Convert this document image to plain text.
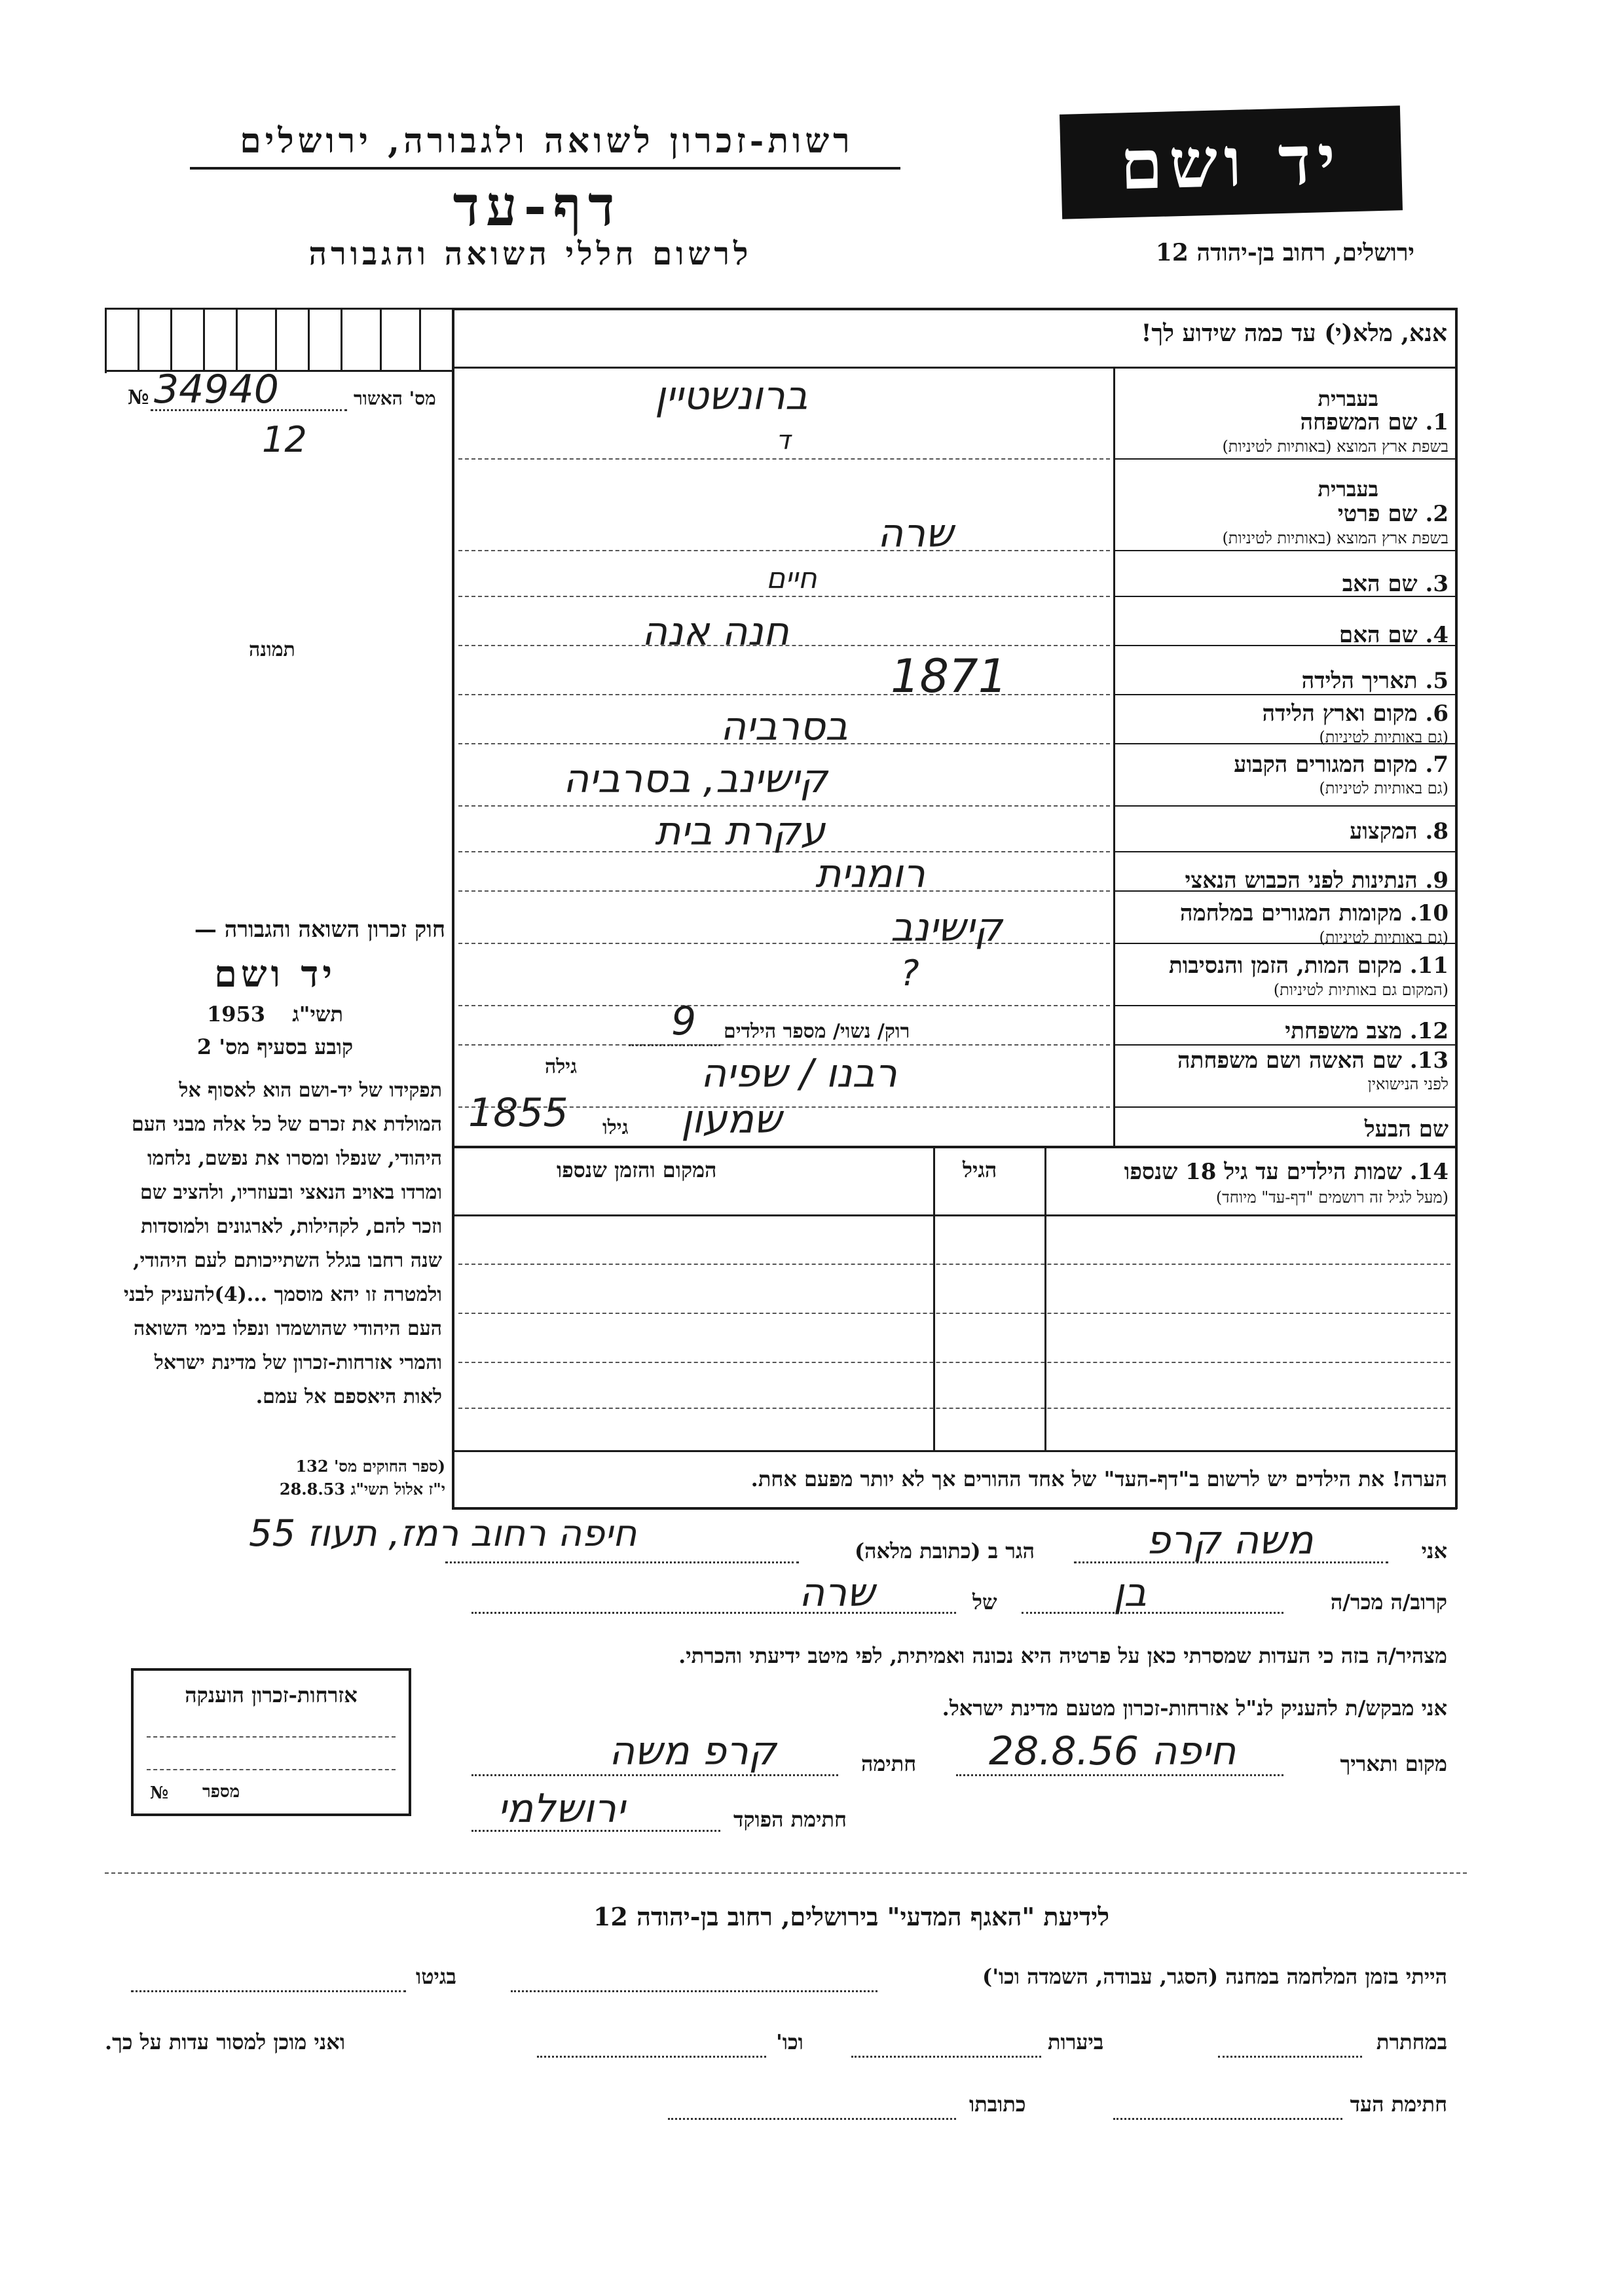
רשות-זכרון לשואה ולגבורה, ירושלים
דף-עד
לרשום חללי השואה והגבורה
יד ושם
ירושלים, רחוב בן-יהודה 12
№ 34940	מס' האשור
12
תמונה
חוק זכרון השואה והגבורה —
יד ושם
תשי"ג 1953
קובע בסעיף מס' 2
תפקידו של יד-ושם הוא לאסוף אל המולדת את זכרם של כל אלה מבני העם היהודי, שנפלו ומסרו את נפשם, נלחמו ומרדו באויב הנאצי ובעוזריו, ולהציב שם וזכר להם, לקהילות, לארגונים ולמוסדות שנה רחבו בגלל השתייכותם לעם היהודי, ולמטרה זו יהא מוסמך ...(4)להעניק לבני העם היהודי שהושמדו ונפלו בימי השואה והמרי אזרחות-זכרון של מדינת ישראל לאות היאספם אל עמם.
(ספר החוקים מס' 132
י"ז אלול תשי"ג 28.8.53
אנא, מלא(י) עד כמה שידוע לך!
בעברית
1. שם המשפחה
בשפת ארץ המוצא (באותיות לטיניות)
ברונשטיין
ד
בעברית
2. שם פרטי
בשפת ארץ המוצא (באותיות לטיניות)
שרה
3. שם האב
חיים
4. שם האם
חנה אנה
5. תאריך הלידה
1871
6. מקום וארץ הלידה
(גם באותיות לטיניות)
בסרביה
7. מקום המגורים הקבוע
(גם באותיות לטיניות)
קישינב, בסרביה
8. המקצוע
עקרת בית
9. הנתינות לפני הכבוש הנאצי
רומנית
10. מקומות המגורים במלחמה
(גם באותיות לטיניות)
קישינב
11. מקום המות, הזמן והנסיבות
(המקום גם באותיות לטיניות)
?
12. מצב משפחתי
רוק/ נשוי/ מספר הילדים
9
13. שם האשה ושם משפחתה
לפני הנישואין
גילה	רבנו / שפיה
שם הבעל
גילו
1855	שמעון
14. שמות הילדים עד גיל 18 שנספו
(מעל לגיל זה רושמים "דף-עד" מיוחד)
הגיל
המקום והזמן שנספו
הערה! את הילדים יש לרשום ב"דף-העד" של אחד ההורים אך לא יותר מפעם אחת.
אני
משה קרפ
הגר ב (כתובת מלאה)
חיפה רחוב רמז, תעוז 55
קרוב/ה מכר/ה
בן
של
שרה
מצהיר/ה בזה כי העדות שמסרתי כאן על פרטיה היא נכונה ואמיתית, לפי מיטב ידיעתי והכרתי.
אני מבקש/ת להעניק לנ"ל אזרחות-זכרון מטעם מדינת ישראל.
מקום ותאריך
חיפה 28.8.56
חתימה
קרפ משה
חתימת הפוקד
ירושלמי
אזרחות-זכרון הוענקה
מספר
№
לידיעת "האגף המדעי" בירושלים, רחוב בן-יהודה 12
הייתי בזמן המלחמה במחנה (הסגר, עבודה, השמדה וכו')
בגיטו
במחתרת
ביערות
וכו'
ואני מוכן למסור עדות על כך.
חתימת העד
כתובתו
